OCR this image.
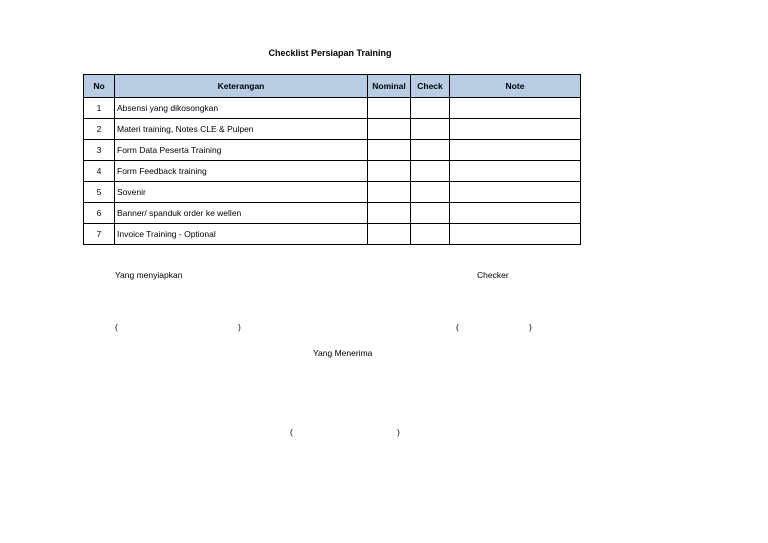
Checklist Persiapan Training
No	Keterangan	Nominal	Check	Note
1	Absensi yang dikosongkan			
2	Materi training, Notes CLE & Pulpen			
3	Form Data Peserta Training			
4	Form Feedback training			
5	Sovenir			
6	Banner/ spanduk order ke wellen			
7	Invoice Training - Optional			
Yang menyiapkan	Checker
(	)	(	)
Yang Menerima
(	)
